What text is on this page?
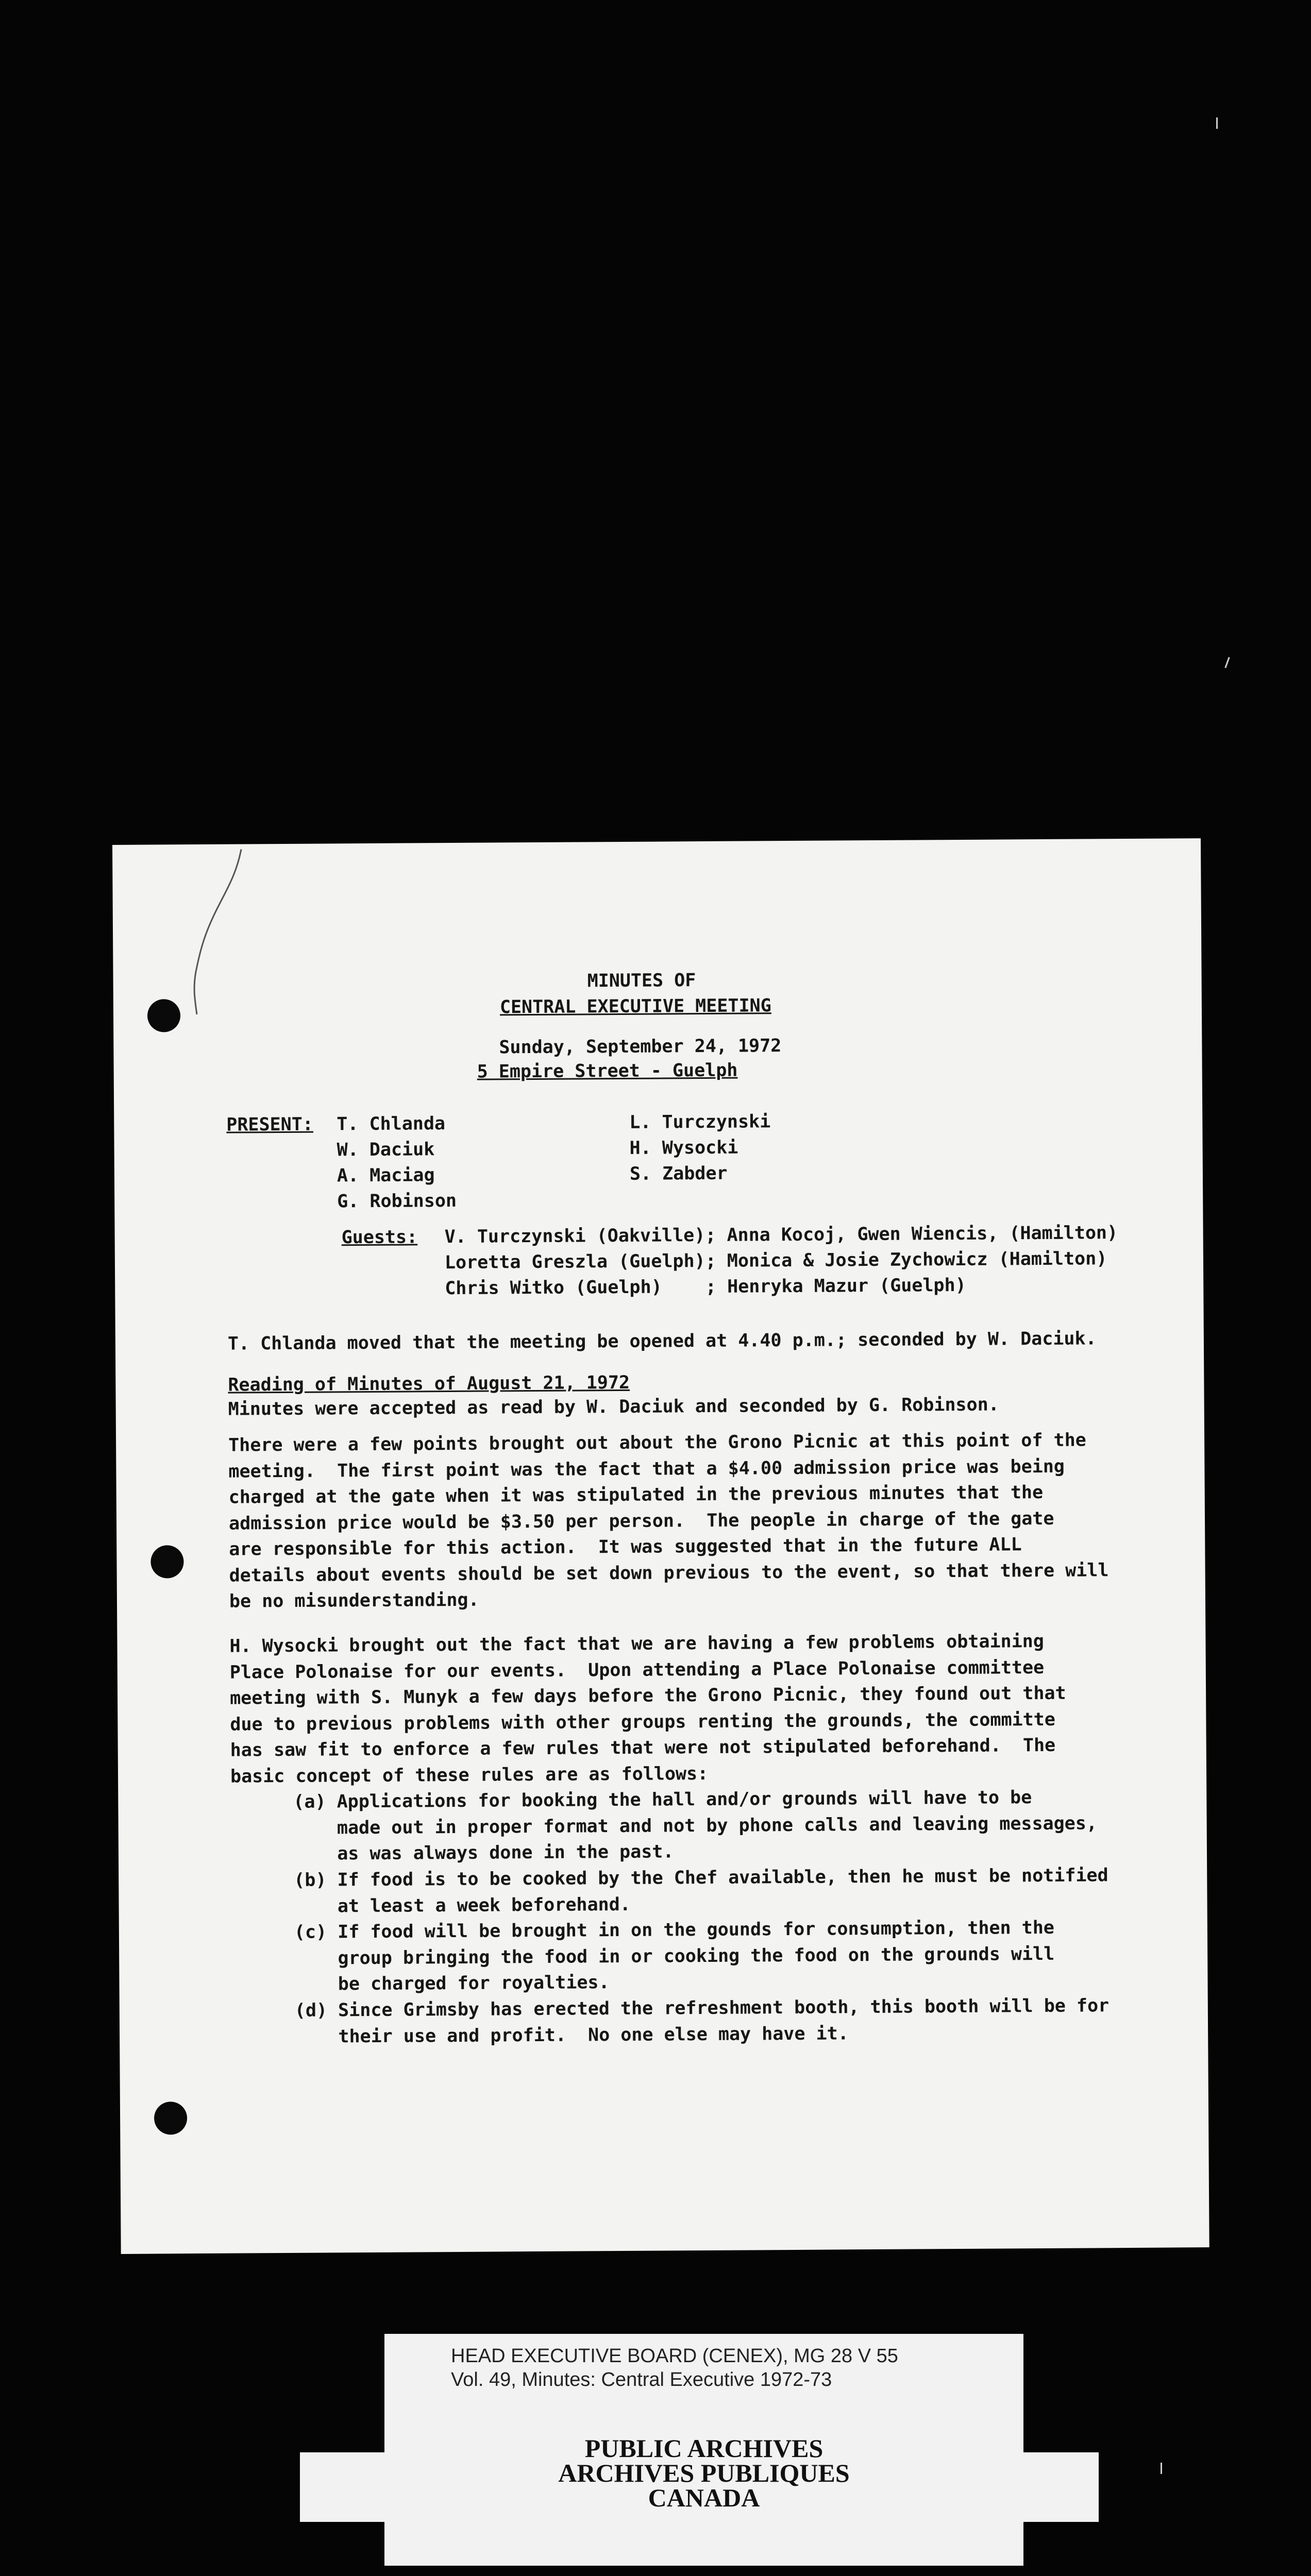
MINUTES OF
CENTRAL EXECUTIVE MEETING
Sunday, September 24, 1972
5 Empire Street - Guelph
PRESENT: T. Chlanda
W. Daciuk
A. Maciag
G. Robinson
L. Turczynski
H. Wysocki
S. Zabder
Guests: V. Turczynski (Oakville); Anna Kocoj, Gwen Wiencis, (Hamilton)
Loretta Greszla (Guelph); Monica & Josie Zychowicz (Hamilton)
Chris Witko (Guelph)    ; Henryka Mazur (Guelph)
T. Chlanda moved that the meeting be opened at 4.40 p.m.; seconded by W. Daciuk.
Reading of Minutes of August 21, 1972
Minutes were accepted as read by W. Daciuk and seconded by G. Robinson.
There were a few points brought out about the Grono Picnic at this point of the
meeting.  The first point was the fact that a $4.00 admission price was being
charged at the gate when it was stipulated in the previous minutes that the
admission price would be $3.50 per person.  The people in charge of the gate
are responsible for this action.  It was suggested that in the future ALL
details about events should be set down previous to the event, so that there will
be no misunderstanding.
H. Wysocki brought out the fact that we are having a few problems obtaining
Place Polonaise for our events.  Upon attending a Place Polonaise committee
meeting with S. Munyk a few days before the Grono Picnic, they found out that
due to previous problems with other groups renting the grounds, the committe
has saw fit to enforce a few rules that were not stipulated beforehand.  The
basic concept of these rules are as follows:
(a) Applications for booking the hall and/or grounds will have to be
made out in proper format and not by phone calls and leaving messages,
as was always done in the past.
(b) If food is to be cooked by the Chef available, then he must be notified
at least a week beforehand.
(c) If food will be brought in on the gounds for consumption, then the
group bringing the food in or cooking the food on the grounds will
be charged for royalties.
(d) Since Grimsby has erected the refreshment booth, this booth will be for
their use and profit.  No one else may have it.
HEAD EXECUTIVE BOARD (CENEX), MG 28 V 55
Vol. 49, Minutes: Central Executive 1972-73
PUBLIC ARCHIVES
ARCHIVES PUBLIQUES
CANADA
